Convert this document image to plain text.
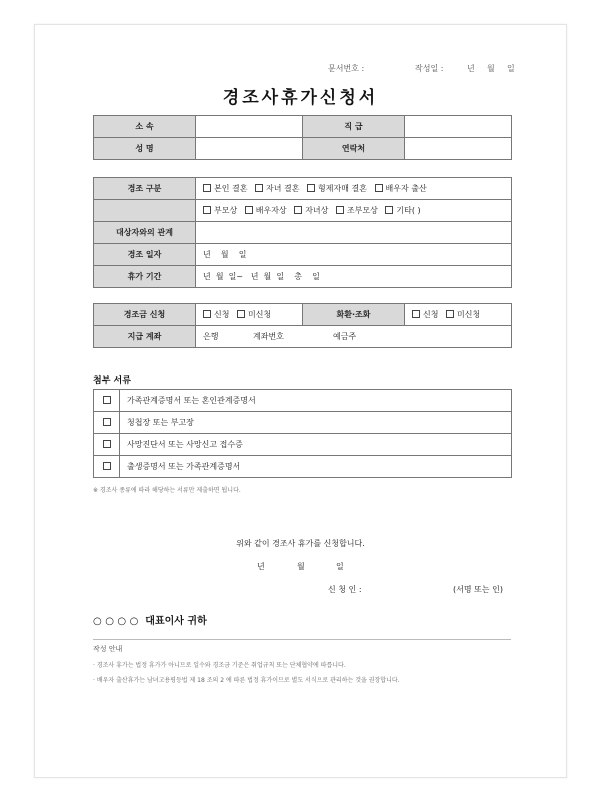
문서번호 :	작성일 :	년 월 일
경조사휴가신청서
소 속		직 급	
성 명		연락처	
경조 구분	본인 결혼 자녀 결혼 형제자매 결혼 배우자 출산
	부모상 배우자상 자녀상 조부모상 기타( )
대상자와의 관계	
경조 일자	년    월    일
휴가 기간	년  월  일~   년  월  일    총    일
경조금 신청	신청 미신청	화환·조화	신청 미신청
지급 계좌	은행 계좌번호 예금주		
첨부 서류
	가족관계증명서 또는 혼인관계증명서
	청첩장 또는 부고장
	사망진단서 또는 사망신고 접수증
	출생증명서 또는 가족관계증명서
※ 경조사 종류에 따라 해당하는 서류만 제출하면 됩니다.
위와 같이 경조사 휴가를 신청합니다.
년	월	일
신 청 인 :	(서명 또는 인)
○ ○ ○ ○  대표이사 귀하
작성 안내
· 경조사 휴가는 법정 휴가가 아니므로 일수와 경조금 기준은 취업규칙 또는 단체협약에 따릅니다.
· 배우자 출산휴가는 남녀고용평등법 제 18 조의 2 에 따른 법정 휴가이므로 별도 서식으로 관리하는 것을 권장합니다.
